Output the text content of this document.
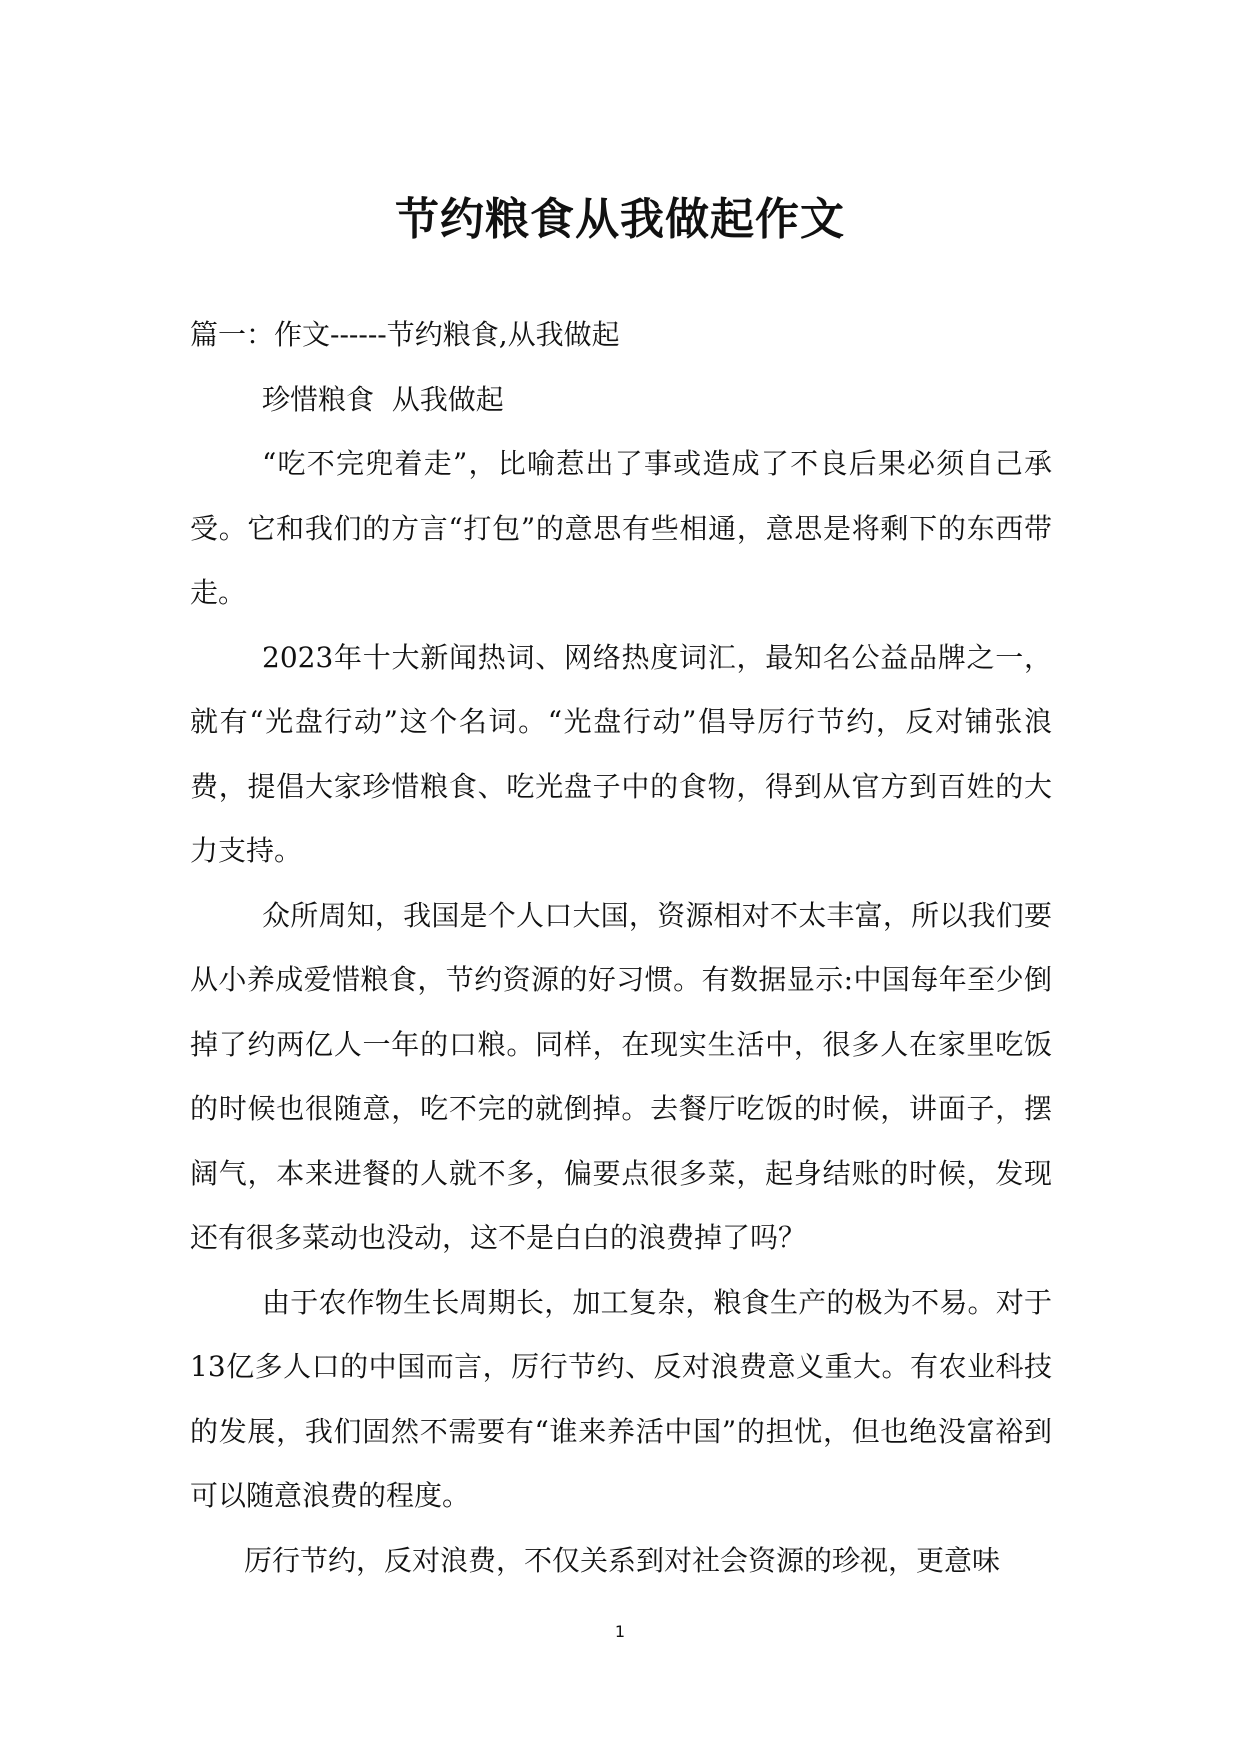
节约粮食从我做起作文

篇一：作文------节约粮食,从我做起

珍惜粮食  从我做起

“吃不完兜着走”，比喻惹出了事或造成了不良后果必须自己承受。它和我们的方言“打包”的意思有些相通，意思是将剩下的东西带走。

2023年十大新闻热词、网络热度词汇，最知名公益品牌之一，就有“光盘行动”这个名词。“光盘行动”倡导厉行节约，反对铺张浪费，提倡大家珍惜粮食、吃光盘子中的食物，得到从官方到百姓的大力支持。

众所周知，我国是个人口大国，资源相对不太丰富，所以我们要从小养成爱惜粮食，节约资源的好习惯。有数据显示:中国每年至少倒掉了约两亿人一年的口粮。同样，在现实生活中，很多人在家里吃饭的时候也很随意，吃不完的就倒掉。去餐厅吃饭的时候，讲面子，摆阔气，本来进餐的人就不多，偏要点很多菜，起身结账的时候，发现还有很多菜动也没动，这不是白白的浪费掉了吗？

由于农作物生长周期长，加工复杂，粮食生产的极为不易。对于13亿多人口的中国而言，厉行节约、反对浪费意义重大。有农业科技的发展，我们固然不需要有“谁来养活中国”的担忧，但也绝没富裕到可以随意浪费的程度。

厉行节约，反对浪费，不仅关系到对社会资源的珍视，更意味

1
